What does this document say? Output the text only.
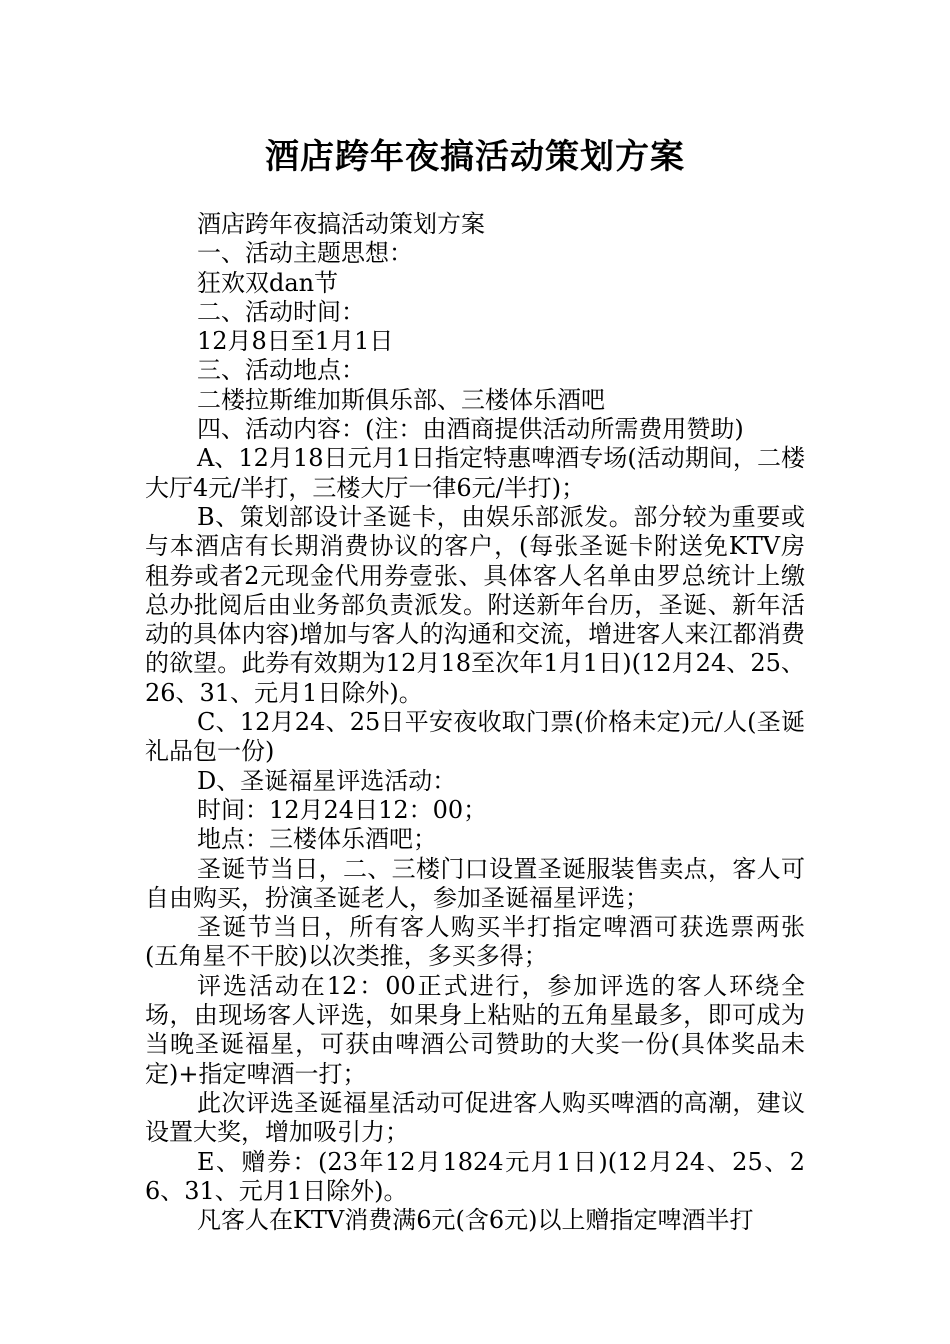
酒店跨年夜搞活动策划方案

酒店跨年夜搞活动策划方案

一、活动主题思想：

狂欢双dan节

二、活动时间：

12月8日至1月1日

三、活动地点：

二楼拉斯维加斯俱乐部、三楼体乐酒吧

四、活动内容：(注：由酒商提供活动所需费用赞助)

A、12月18日元月1日指定特惠啤酒专场(活动期间，二楼大厅4元/半打，三楼大厅一律6元/半打)；

B、策划部设计圣诞卡，由娱乐部派发。部分较为重要或与本酒店有长期消费协议的客户，(每张圣诞卡附送免KTV房租券或者2元现金代用券壹张、具体客人名单由罗总统计上缴总办批阅后由业务部负责派发。附送新年台历，圣诞、新年活动的具体内容)增加与客人的沟通和交流，增进客人来江都消费的欲望。此券有效期为12月18至次年1月1日)(12月24、25、26、31、元月1日除外)。

C、12月24、25日平安夜收取门票(价格未定)元/人(圣诞礼品包一份)

D、圣诞福星评选活动：

时间：12月24日12：00；

地点：三楼体乐酒吧；

圣诞节当日，二、三楼门口设置圣诞服装售卖点，客人可自由购买，扮演圣诞老人，参加圣诞福星评选；

圣诞节当日，所有客人购买半打指定啤酒可获选票两张(五角星不干胶)以次类推，多买多得；

评选活动在12：00正式进行，参加评选的客人环绕全场，由现场客人评选，如果身上粘贴的五角星最多，即可成为当晚圣诞福星，可获由啤酒公司赞助的大奖一份(具体奖品未定)+指定啤酒一打；

此次评选圣诞福星活动可促进客人购买啤酒的高潮，建议设置大奖，增加吸引力；

E、赠券：(23年12月1824元月1日)(12月24、25、26、31、元月1日除外)。

凡客人在KTV消费满6元(含6元)以上赠指定啤酒半打
